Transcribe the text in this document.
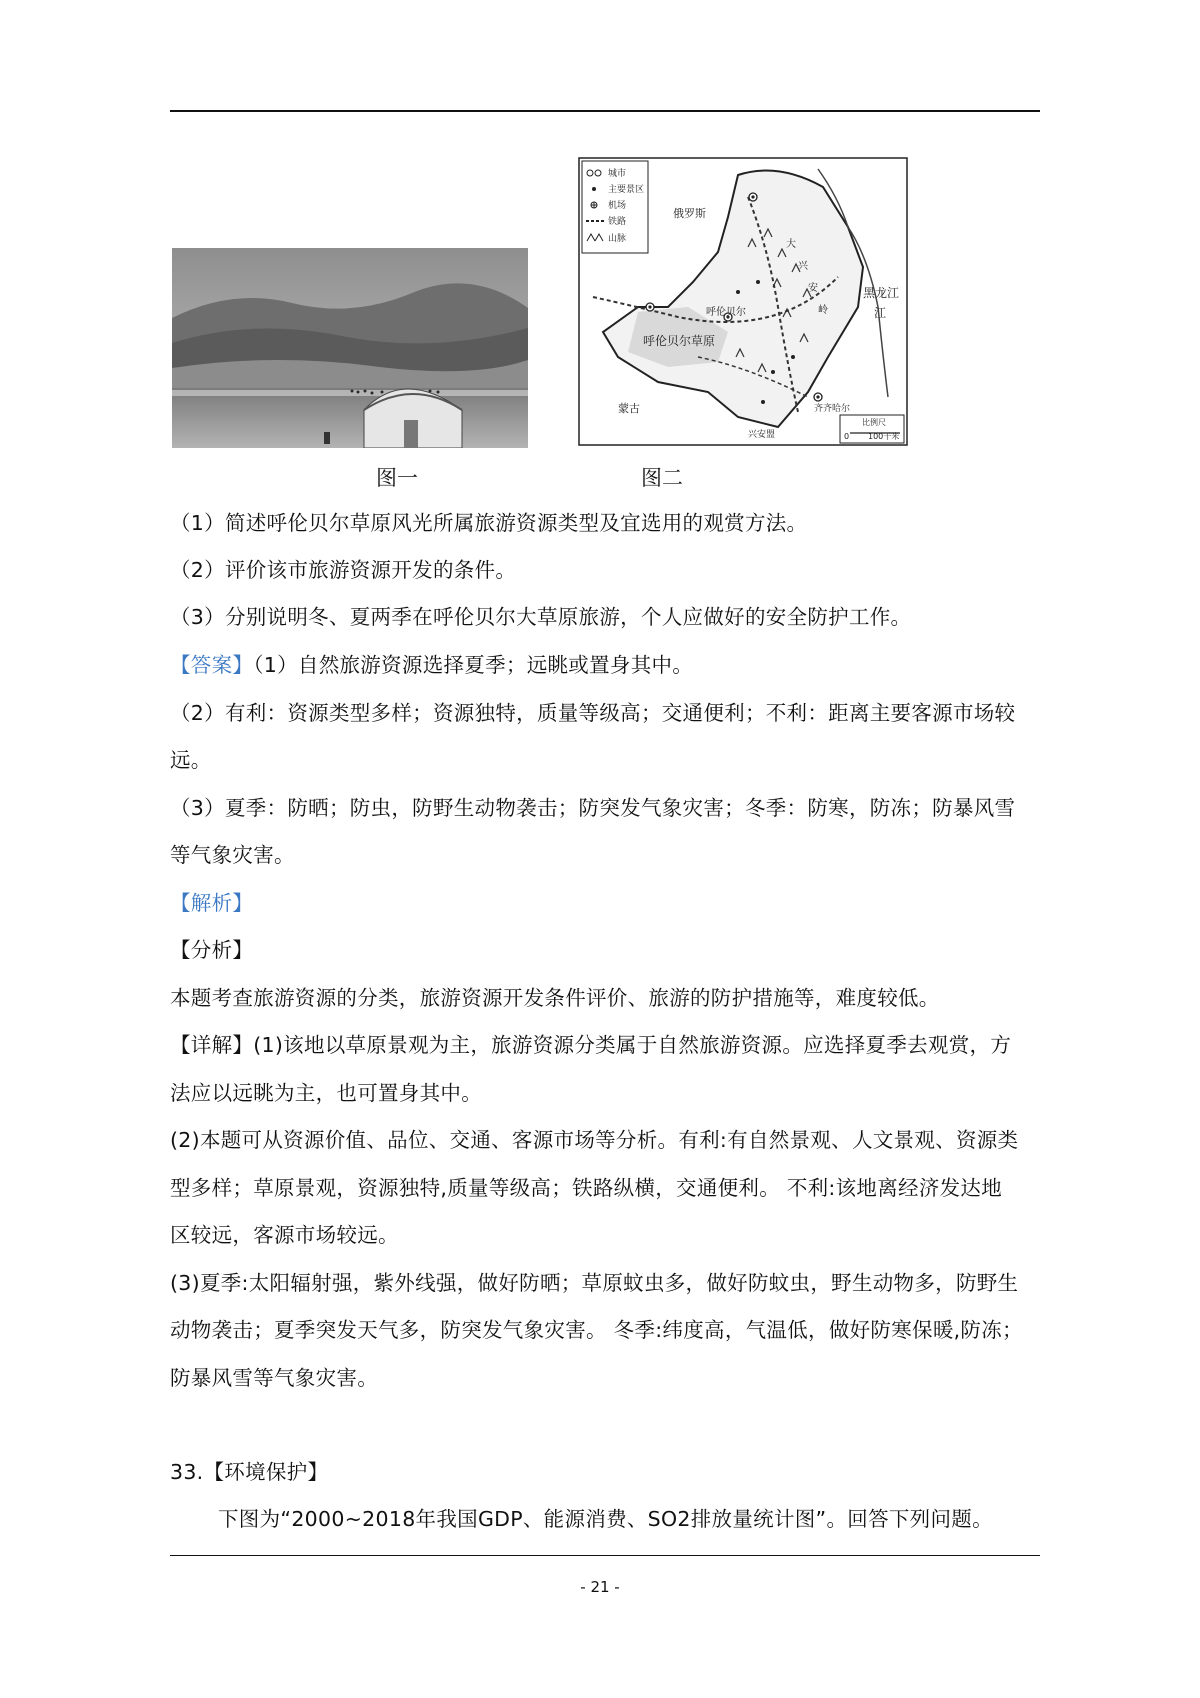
城市
主要景区
机场
铁路
山脉
俄罗斯
蒙古
黑龙江
江
呼伦贝尔草原
呼伦贝尔
大
兴
安
岭
齐齐哈尔
兴安盟
比例尺
0 100千米
图一	图二
（1）简述呼伦贝尔草原风光所属旅游资源类型及宜选用的观赏方法。
（2）评价该市旅游资源开发的条件。
（3）分别说明冬、夏两季在呼伦贝尔大草原旅游，个人应做好的安全防护工作。
【答案】（1）自然旅游资源选择夏季；远眺或置身其中。
（2）有利：资源类型多样；资源独特，质量等级高；交通便利；不利：距离主要客源市场较
远。
（3）夏季：防晒；防虫，防野生动物袭击；防突发气象灾害；冬季：防寒，防冻；防暴风雪
等气象灾害。
【解析】
【分析】
本题考查旅游资源的分类，旅游资源开发条件评价、旅游的防护措施等，难度较低。
【详解】(1)该地以草原景观为主，旅游资源分类属于自然旅游资源。应选择夏季去观赏，方
法应以远眺为主，也可置身其中。
(2)本题可从资源价值、品位、交通、客源市场等分析。有利:有自然景观、人文景观、资源类
型多样；草原景观，资源独特,质量等级高；铁路纵横，交通便利。 不利:该地离经济发达地
区较远，客源市场较远。
(3)夏季:太阳辐射强，紫外线强，做好防晒；草原蚊虫多，做好防蚊虫，野生动物多，防野生
动物袭击；夏季突发天气多，防突发气象灾害。 冬季:纬度高，气温低，做好防寒保暖,防冻；
防暴风雪等气象灾害。
33.【环境保护】
下图为“2000~2018年我国GDP、能源消费、SO2排放量统计图”。回答下列问题。
- 21 -
